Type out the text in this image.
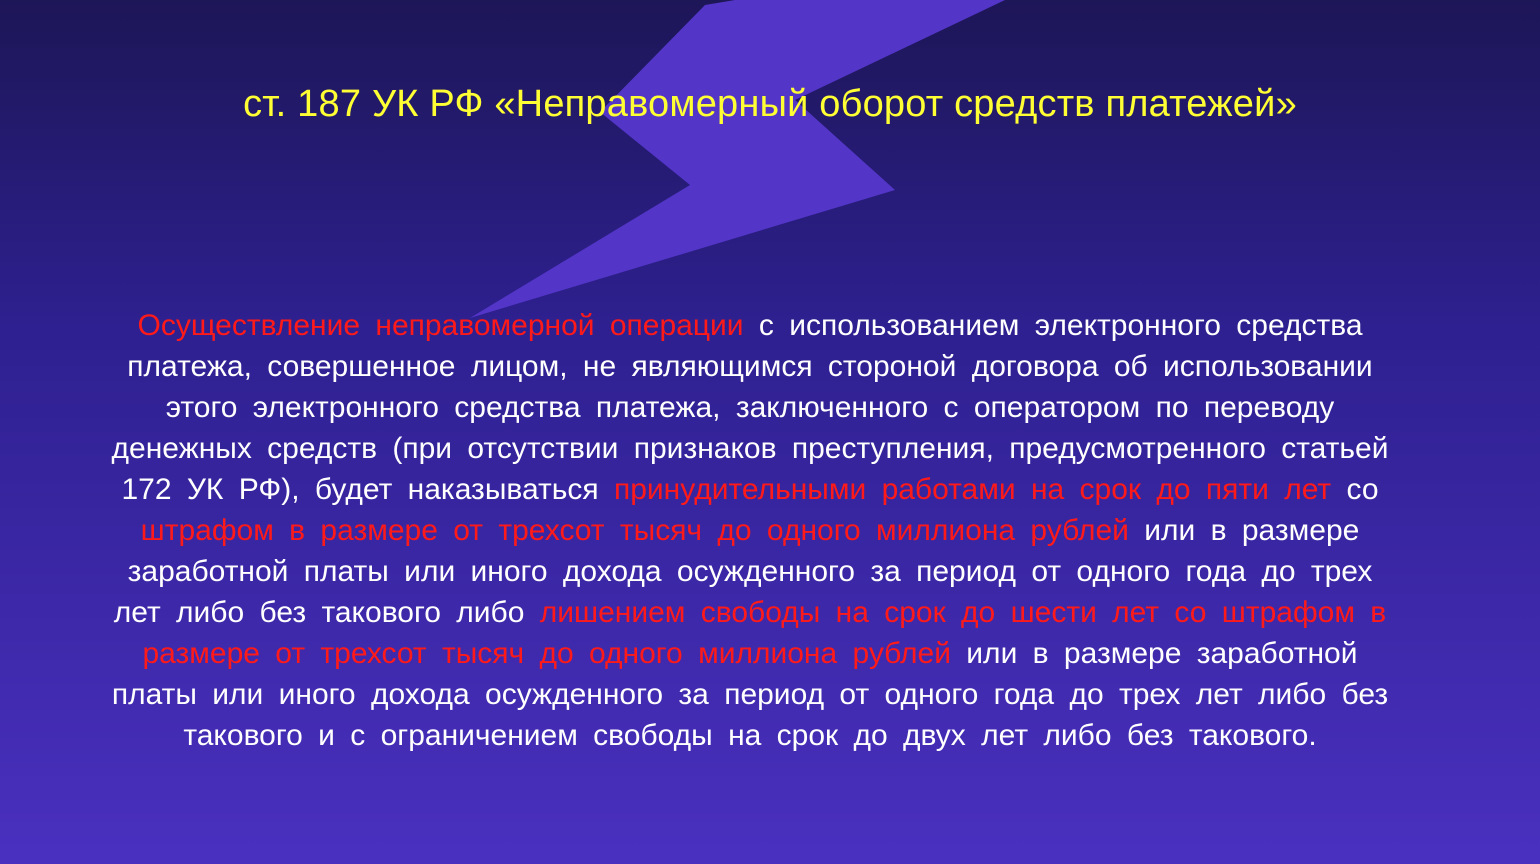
ст. 187 УК РФ «Неправомерный оборот средств платежей»
Осуществление неправомерной операции с использованием электронного средства платежа, совершенное лицом, не являющимся стороной договора об использовании этого электронного средства платежа, заключенного с оператором по переводу денежных средств (при отсутствии признаков преступления, предусмотренного статьей 172 УК РФ), будет наказываться принудительными работами на срок до пяти лет со штрафом в размере от трехсот тысяч до одного миллиона рублей или в размере заработной платы или иного дохода осужденного за период от одного года до трех лет либо без такового либо лишением свободы на срок до шести лет со штрафом в размере от трехсот тысяч до одного миллиона рублей или в размере заработной платы или иного дохода осужденного за период от одного года до трех лет либо без такового и с ограничением свободы на срок до двух лет либо без такового.
